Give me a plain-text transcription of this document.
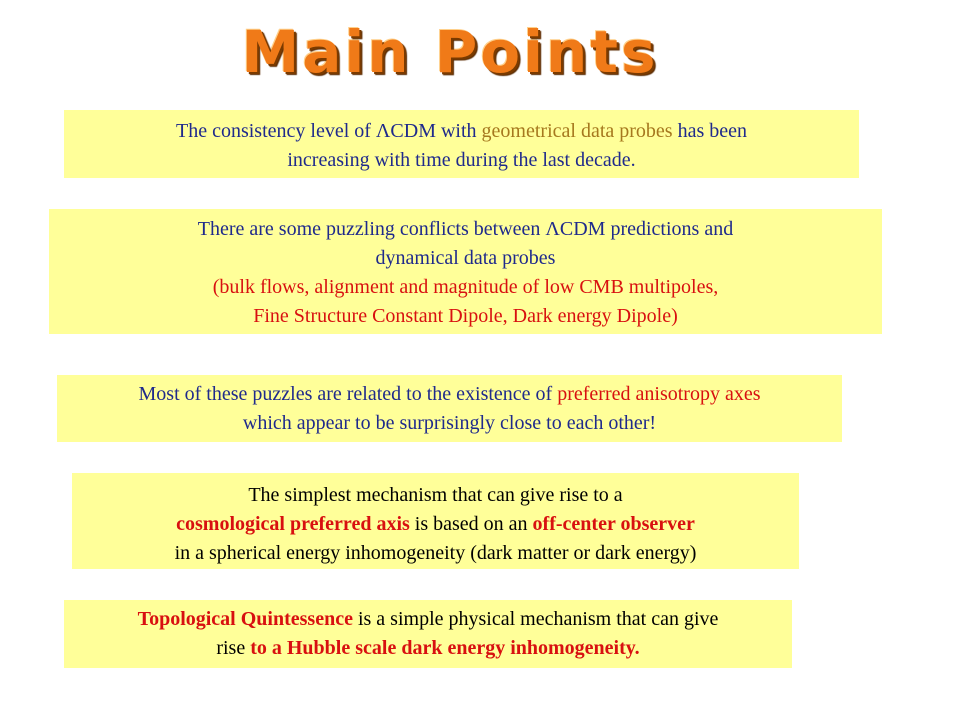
Main Points
The consistency level of ΛCDM with geometrical data probes has been
increasing with time during the last decade.
There are some puzzling conflicts between ΛCDM predictions and
dynamical data probes
(bulk flows, alignment and magnitude of low CMB multipoles,
Fine Structure Constant Dipole, Dark energy Dipole)
Most of these puzzles are related to the existence of preferred anisotropy axes
which appear to be surprisingly close to each other!
The simplest mechanism that can give rise to a
cosmological preferred axis is based on an off-center observer
in a spherical energy inhomogeneity (dark matter or dark energy)
Topological Quintessence is a simple physical mechanism that can give
rise to a Hubble scale dark energy inhomogeneity.
